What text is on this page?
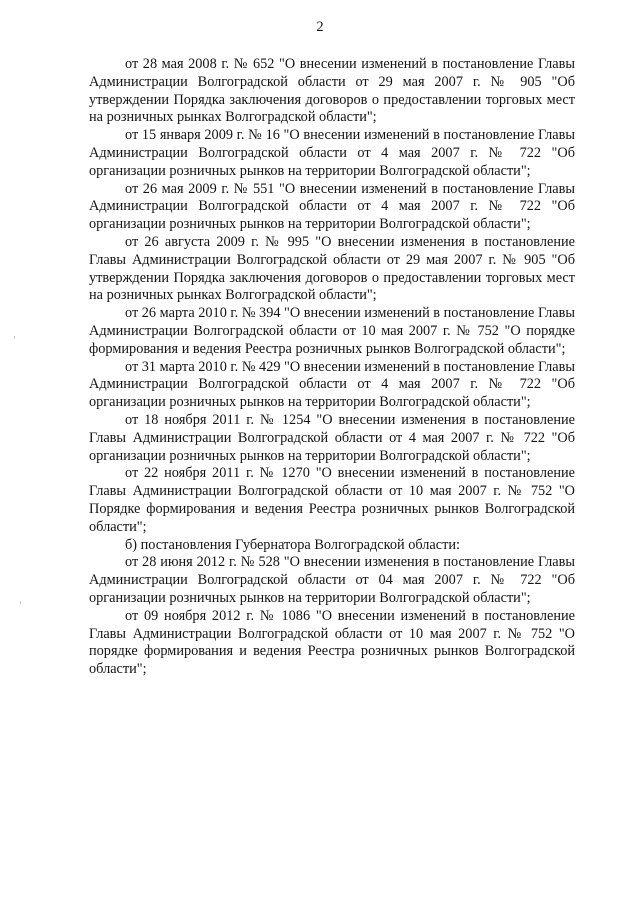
2

от 28 мая 2008 г. № 652 "О внесении изменений в постановление Главы Администрации Волгоградской области от 29 мая 2007 г. № 905 "Об утверждении Порядка заключения договоров о предоставлении торговых мест на розничных рынках Волгоградской области";

от 15 января 2009 г. № 16 "О внесении изменений в постановление Главы Администрации Волгоградской области от 4 мая 2007 г. № 722 "Об организации розничных рынков на территории Волгоградской области";

от 26 мая 2009 г. № 551 "О внесении изменений в постановление Главы Администрации Волгоградской области от 4 мая 2007 г. № 722 "Об организации розничных рынков на территории Волгоградской области";

от 26 августа 2009 г. № 995 "О внесении изменения в постановление Главы Администрации Волгоградской области от 29 мая 2007 г. № 905 "Об утверждении Порядка заключения договоров о предоставлении торговых мест на розничных рынках Волгоградской области";

от 26 марта 2010 г. № 394 "О внесении изменений в постановление Главы Администрации Волгоградской области от 10 мая 2007 г. № 752 "О порядке формирования и ведения Реестра розничных рынков Волгоградской области";

от 31 марта 2010 г. № 429 "О внесении изменений в постановление Главы Администрации Волгоградской области от 4 мая 2007 г. № 722 "Об организации розничных рынков на территории Волгоградской области";

от 18 ноября 2011 г. № 1254 "О внесении изменения в постановление Главы Администрации Волгоградской области от 4 мая 2007 г. № 722 "Об организации розничных рынков на территории Волгоградской области";

от 22 ноября 2011 г. № 1270 "О внесении изменений в постановление Главы Администрации Волгоградской области от 10 мая 2007 г. № 752 "О Порядке формирования и ведения Реестра розничных рынков Волгоградской области";

б) постановления Губернатора Волгоградской области:

от 28 июня 2012 г. № 528 "О внесении изменения в постановление Главы Администрации Волгоградской области от 04 мая 2007 г. № 722 "Об организации розничных рынков на территории Волгоградской области";

от 09 ноября 2012 г. № 1086 "О внесении изменений в постановление Главы Администрации Волгоградской области от 10 мая 2007 г. № 752 "О порядке формирования и ведения Реестра розничных рынков Волгоградской области";
